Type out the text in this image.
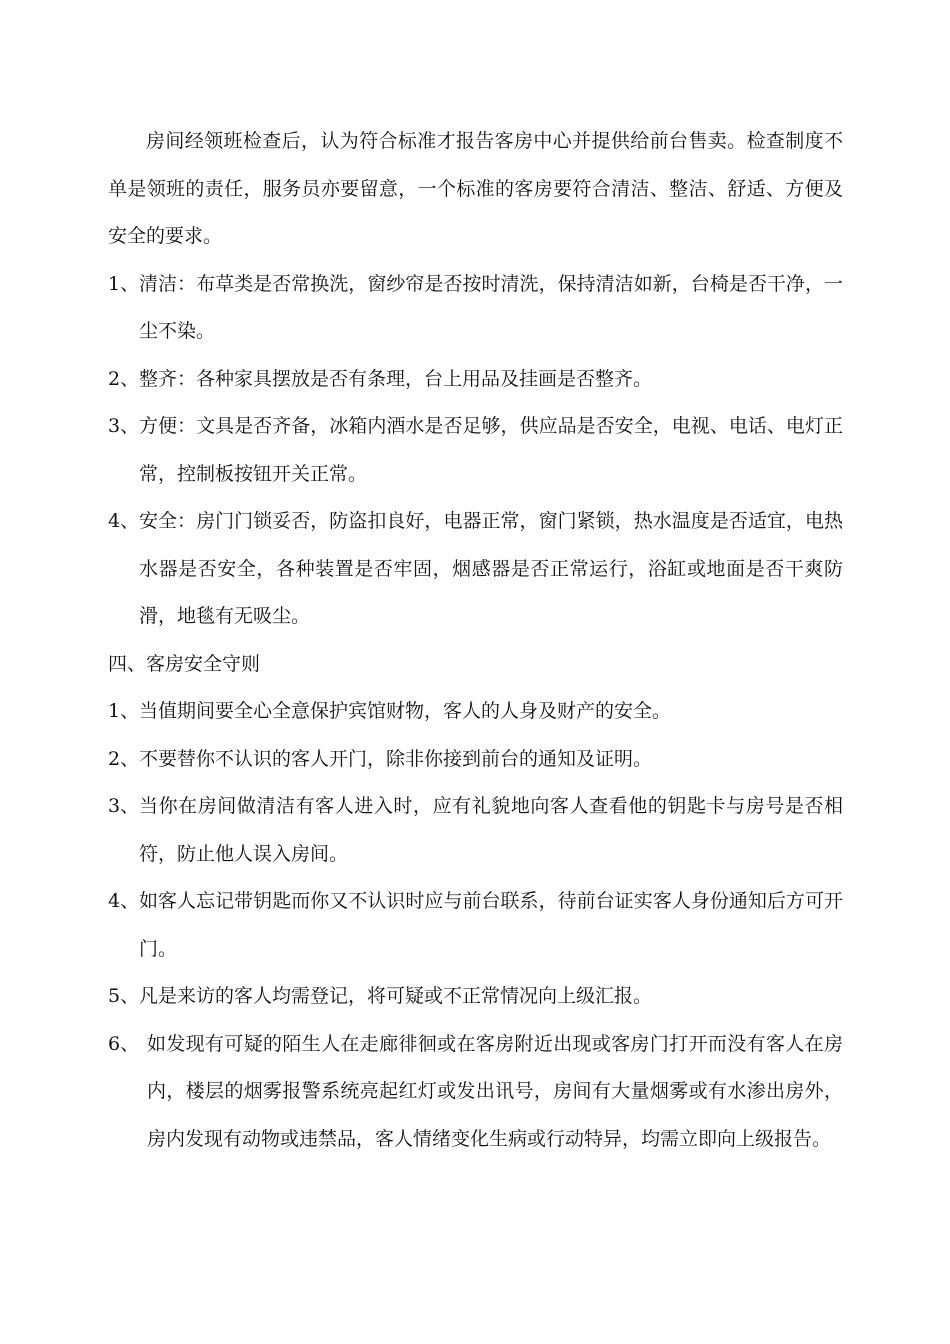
房间经领班检查后，认为符合标准才报告客房中心并提供给前台售卖。检查制度不单是领班的责任，服务员亦要留意，一个标准的客房要符合清洁、整洁、舒适、方便及安全的要求。

1、 清洁：布草类是否常换洗，窗纱帘是否按时清洗，保持清洁如新，台椅是否干净，一尘不染。
2、 整齐：各种家具摆放是否有条理，台上用品及挂画是否整齐。
3、 方便：文具是否齐备，冰箱内酒水是否足够，供应品是否安全，电视、电话、电灯正常，控制板按钮开关正常。
4、 安全：房门门锁妥否，防盗扣良好，电器正常，窗门紧锁，热水温度是否适宜，电热水器是否安全，各种装置是否牢固，烟感器是否正常运行，浴缸或地面是否干爽防滑，地毯有无吸尘。

四、客房安全守则

1、 当值期间要全心全意保护宾馆财物，客人的人身及财产的安全。
2、 不要替你不认识的客人开门，除非你接到前台的通知及证明。
3、 当你在房间做清洁有客人进入时，应有礼貌地向客人查看他的钥匙卡与房号是否相符，防止他人误入房间。
4、 如客人忘记带钥匙而你又不认识时应与前台联系，待前台证实客人身份通知后方可开门。
5、 凡是来访的客人均需登记，将可疑或不正常情况向上级汇报。
6、 如发现有可疑的陌生人在走廊徘徊或在客房附近出现或客房门打开而没有客人在房内，楼层的烟雾报警系统亮起红灯或发出讯号，房间有大量烟雾或有水渗出房外，房内发现有动物或违禁品，客人情绪变化生病或行动特异，均需立即向上级报告。
